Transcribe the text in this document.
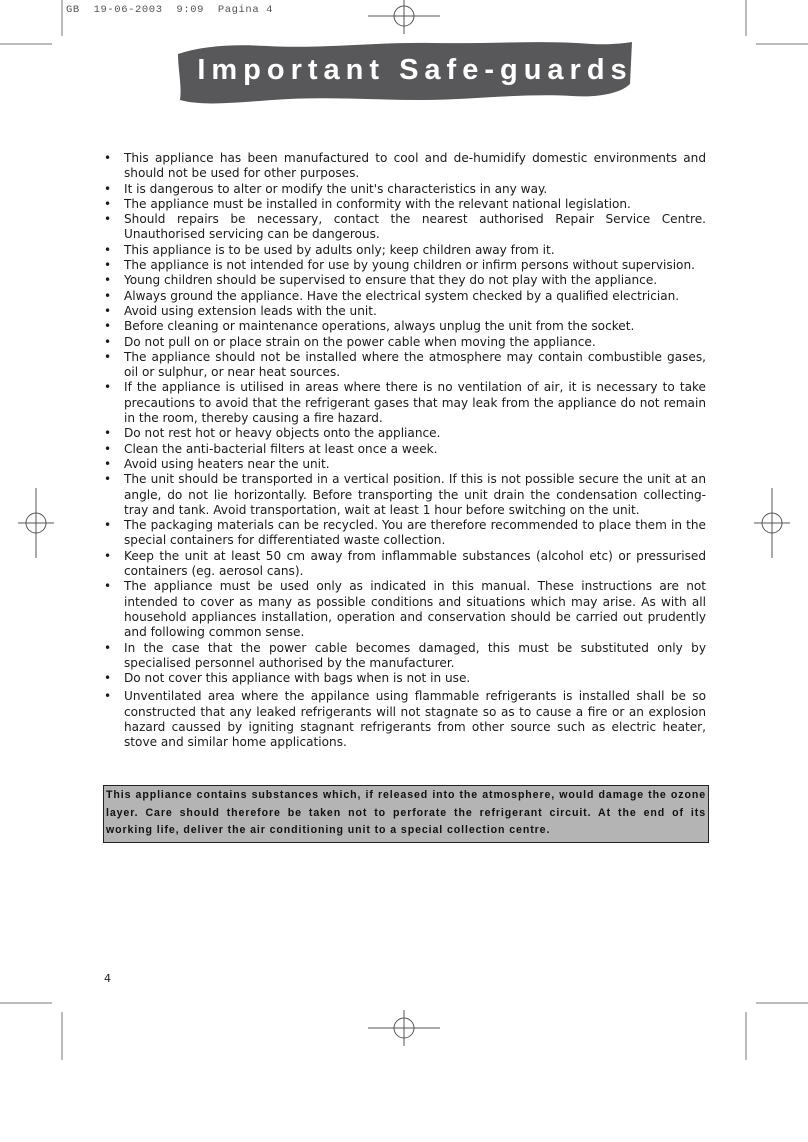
GB  19-06-2003  9:09  Pagina 4
Important Safe-guards
• This appliance has been manufactured to cool and de-humidify domestic environments and should not be used for other purposes.
• It is dangerous to alter or modify the unit's characteristics in any way.
• The appliance must be installed in conformity with the relevant national legislation.
• Should repairs be necessary, contact the nearest authorised Repair Service Centre. Unauthorised servicing can be dangerous.
• This appliance is to be used by adults only; keep children away from it.
• The appliance is not intended for use by young children or infirm persons without supervision.
• Young children should be supervised to ensure that they do not play with the appliance.
• Always ground the appliance. Have the electrical system checked by a qualified electrician.
• Avoid using extension leads with the unit.
• Before cleaning or maintenance operations, always unplug the unit from the socket.
• Do not pull on or place strain on the power cable when moving the appliance.
• The appliance should not be installed where the atmosphere may contain combustible gases, oil or sulphur, or near heat sources.
• If the appliance is utilised in areas where there is no ventilation of air, it is necessary to take precautions to avoid that the refrigerant gases that may leak from the appliance do not remain in the room, thereby causing a fire hazard.
• Do not rest hot or heavy objects onto the appliance.
• Clean the anti-bacterial filters at least once a week.
• Avoid using heaters near the unit.
• The unit should be transported in a vertical position. If this is not possible secure the unit at an angle, do not lie horizontally. Before transporting the unit drain the condensation collecting-tray and tank. Avoid transportation, wait at least 1 hour before switching on the unit.
• The packaging materials can be recycled. You are therefore recommended to place them in the special containers for differentiated waste collection.
• Keep the unit at least 50 cm away from inflammable substances (alcohol etc) or pressurised containers (eg. aerosol cans).
• The appliance must be used only as indicated in this manual. These instructions are not intended to cover as many as possible conditions and situations which may arise. As with all household appliances installation, operation and conservation should be carried out prudently and following common sense.
• In the case that the power cable becomes damaged, this must be substituted only by specialised personnel authorised by the manufacturer.
• Do not cover this appliance with bags when is not in use.
• Unventilated area where the appilance using flammable refrigerants is installed shall be so constructed that any leaked refrigerants will not stagnate so as to cause a fire or an explosion hazard caussed by igniting stagnant refrigerants from other source such as electric heater, stove and similar home applications.
This appliance contains substances which, if released into the atmosphere, would damage the ozone layer. Care should therefore be taken not to perforate the refrigerant circuit. At the end of its working life, deliver the air conditioning unit to a special collection centre.
4
